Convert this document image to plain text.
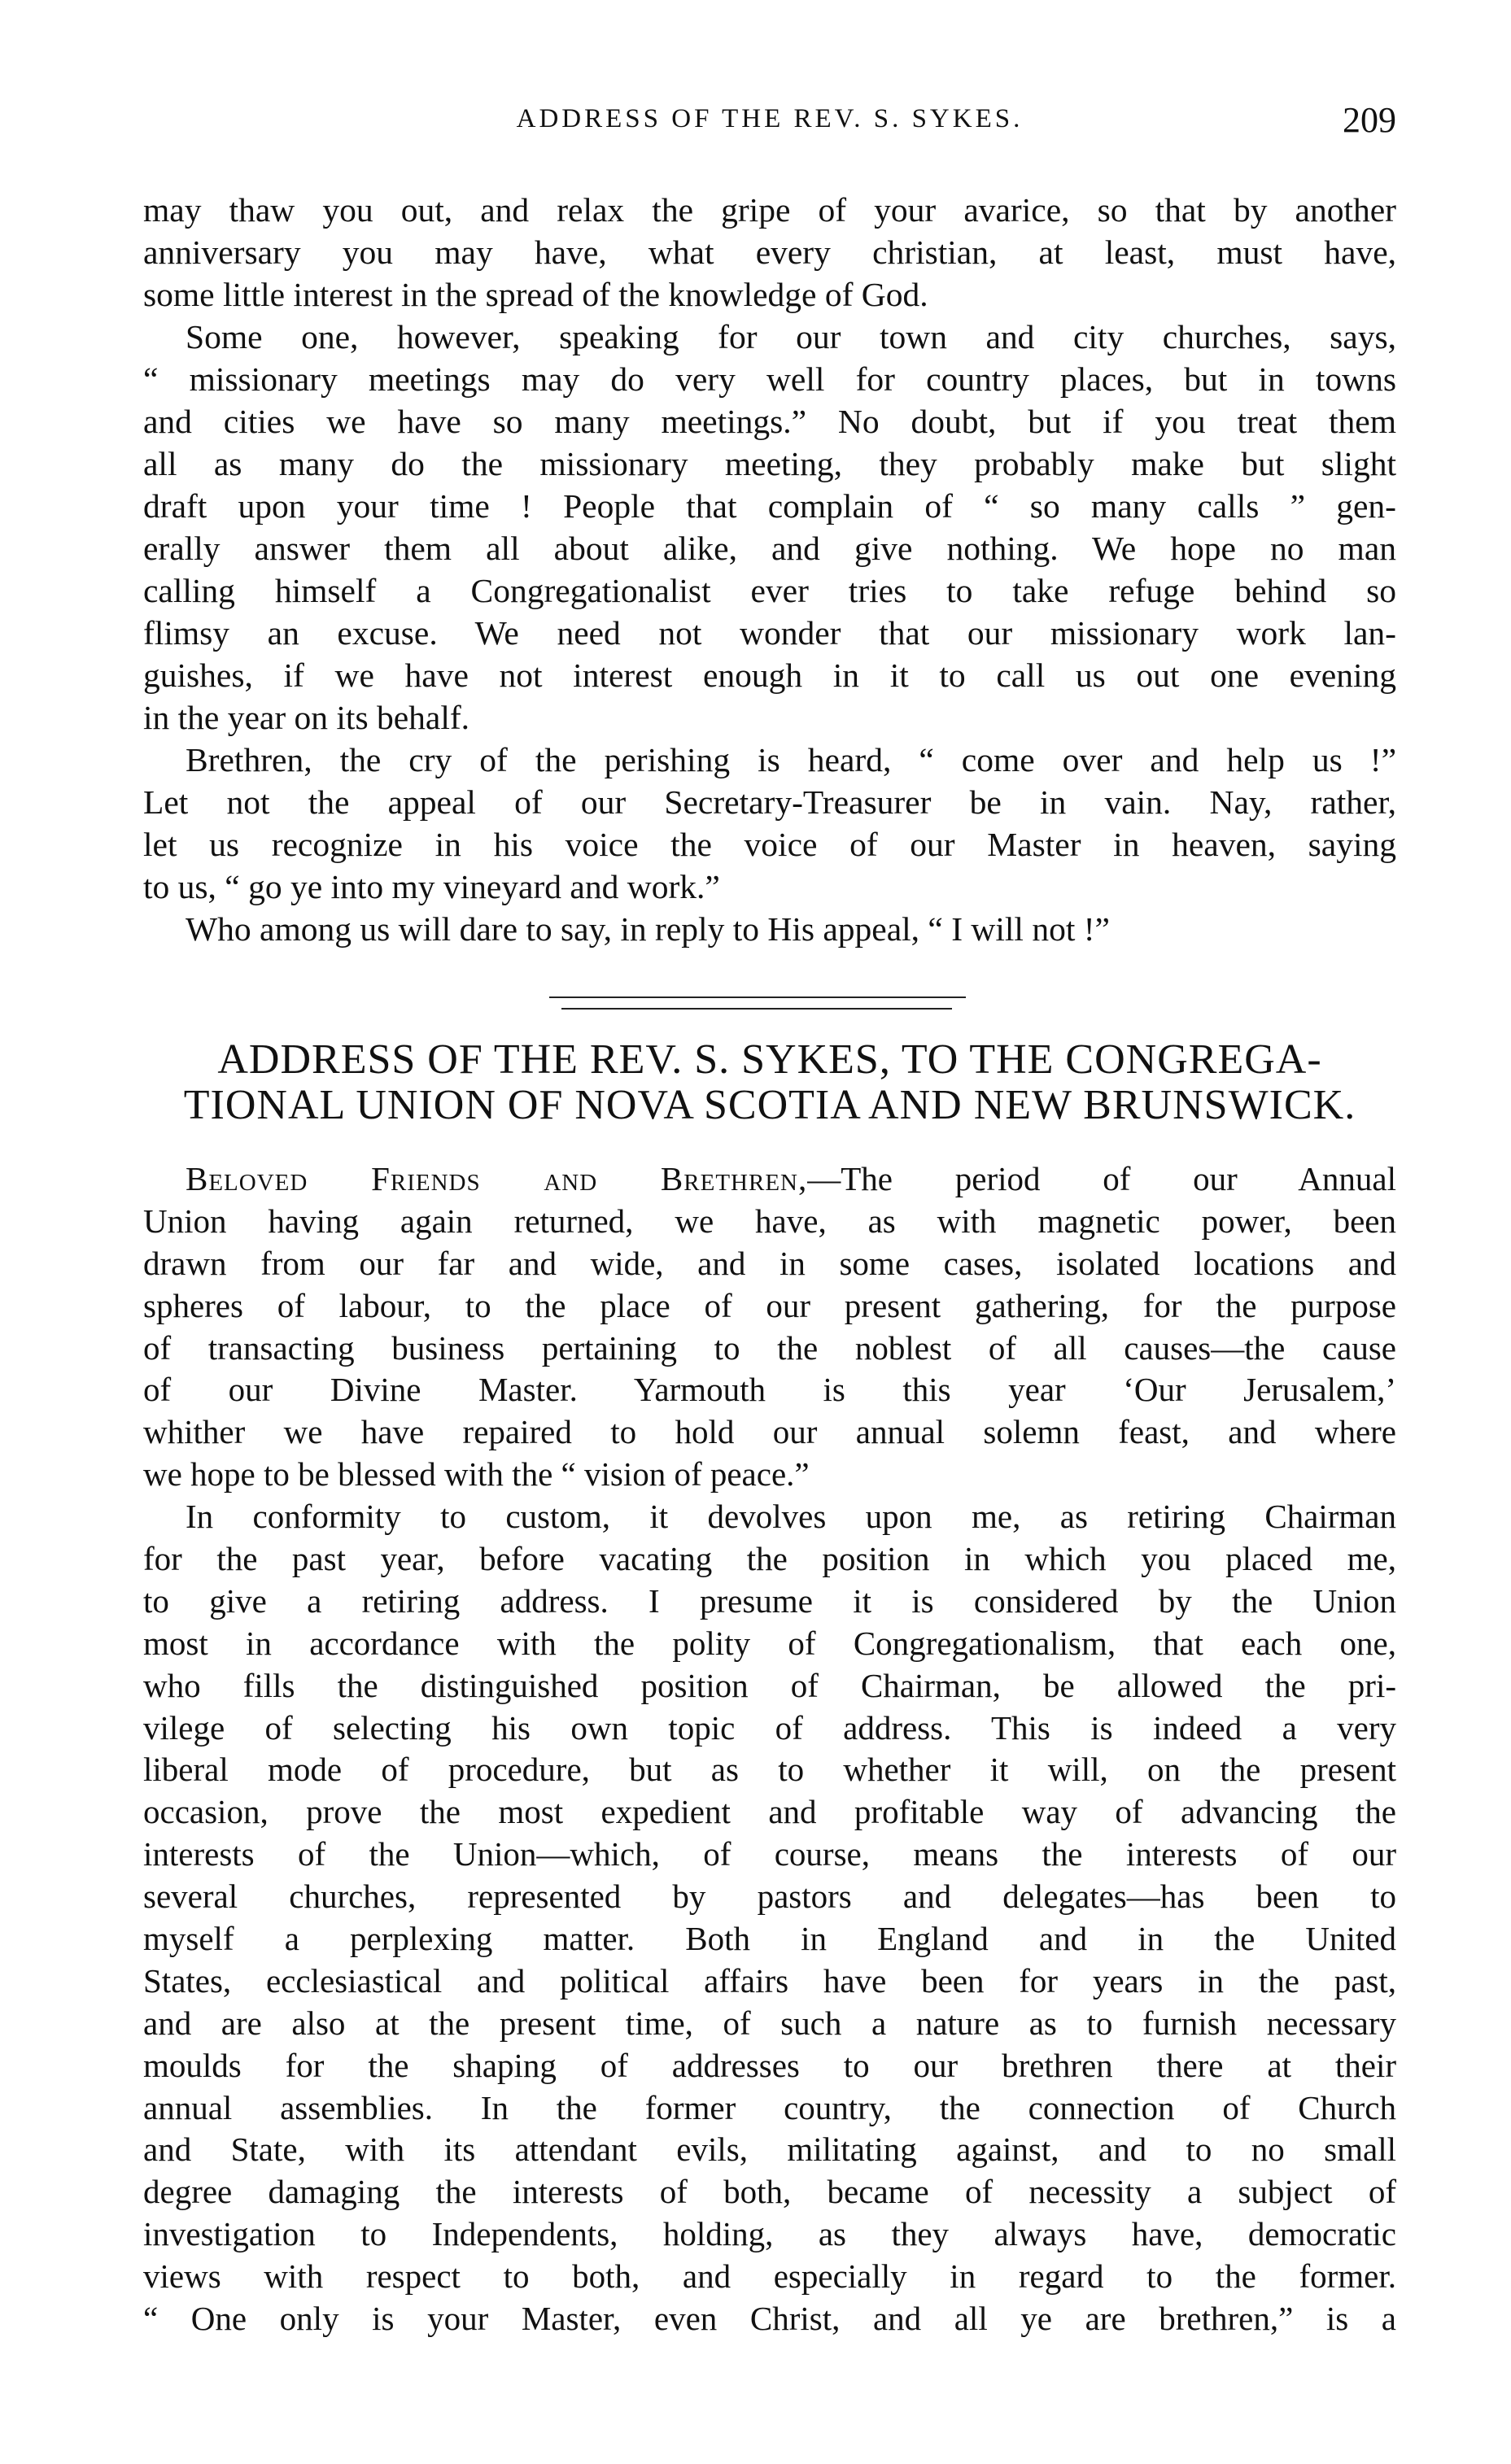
ADDRESS OF THE REV. S. SYKES.	209
may thaw you out, and relax the gripe of your avarice, so that by another
anniversary you may have, what every christian, at least, must have,
some little interest in the spread of the knowledge of God.
Some one, however, speaking for our town and city churches, says,
“ missionary meetings may do very well for country places, but in towns
and cities we have so many meetings.” No doubt, but if you treat them
all as many do the missionary meeting, they probably make but slight
draft upon your time ! People that complain of “ so many calls ” gen-
erally answer them all about alike, and give nothing. We hope no man
calling himself a Congregationalist ever tries to take refuge behind so
flimsy an excuse. We need not wonder that our missionary work lan-
guishes, if we have not interest enough in it to call us out one evening
in the year on its behalf.
Brethren, the cry of the perishing is heard, “ come over and help us !”
Let not the appeal of our Secretary-Treasurer be in vain. Nay, rather,
let us recognize in his voice the voice of our Master in heaven, saying
to us, “ go ye into my vineyard and work.”
Who among us will dare to say, in reply to His appeal, “ I will not !”
ADDRESS OF THE REV. S. SYKES, TO THE CONGREGA-
TIONAL UNION OF NOVA SCOTIA AND NEW BRUNSWICK.
Beloved Friends and Brethren,—The period of our Annual
Union having again returned, we have, as with magnetic power, been
drawn from our far and wide, and in some cases, isolated locations and
spheres of labour, to the place of our present gathering, for the purpose
of transacting business pertaining to the noblest of all causes—the cause
of our Divine Master. Yarmouth is this year ‘Our Jerusalem,’
whither we have repaired to hold our annual solemn feast, and where
we hope to be blessed with the “ vision of peace.”
In conformity to custom, it devolves upon me, as retiring Chairman
for the past year, before vacating the position in which you placed me,
to give a retiring address. I presume it is considered by the Union
most in accordance with the polity of Congregationalism, that each one,
who fills the distinguished position of Chairman, be allowed the pri-
vilege of selecting his own topic of address. This is indeed a very
liberal mode of procedure, but as to whether it will, on the present
occasion, prove the most expedient and profitable way of advancing the
interests of the Union—which, of course, means the interests of our
several churches, represented by pastors and delegates—has been to
myself a perplexing matter. Both in England and in the United
States, ecclesiastical and political affairs have been for years in the past,
and are also at the present time, of such a nature as to furnish necessary
moulds for the shaping of addresses to our brethren there at their
annual assemblies. In the former country, the connection of Church
and State, with its attendant evils, militating against, and to no small
degree damaging the interests of both, became of necessity a subject of
investigation to Independents, holding, as they always have, democratic
views with respect to both, and especially in regard to the former.
“ One only is your Master, even Christ, and all ye are brethren,” is a
